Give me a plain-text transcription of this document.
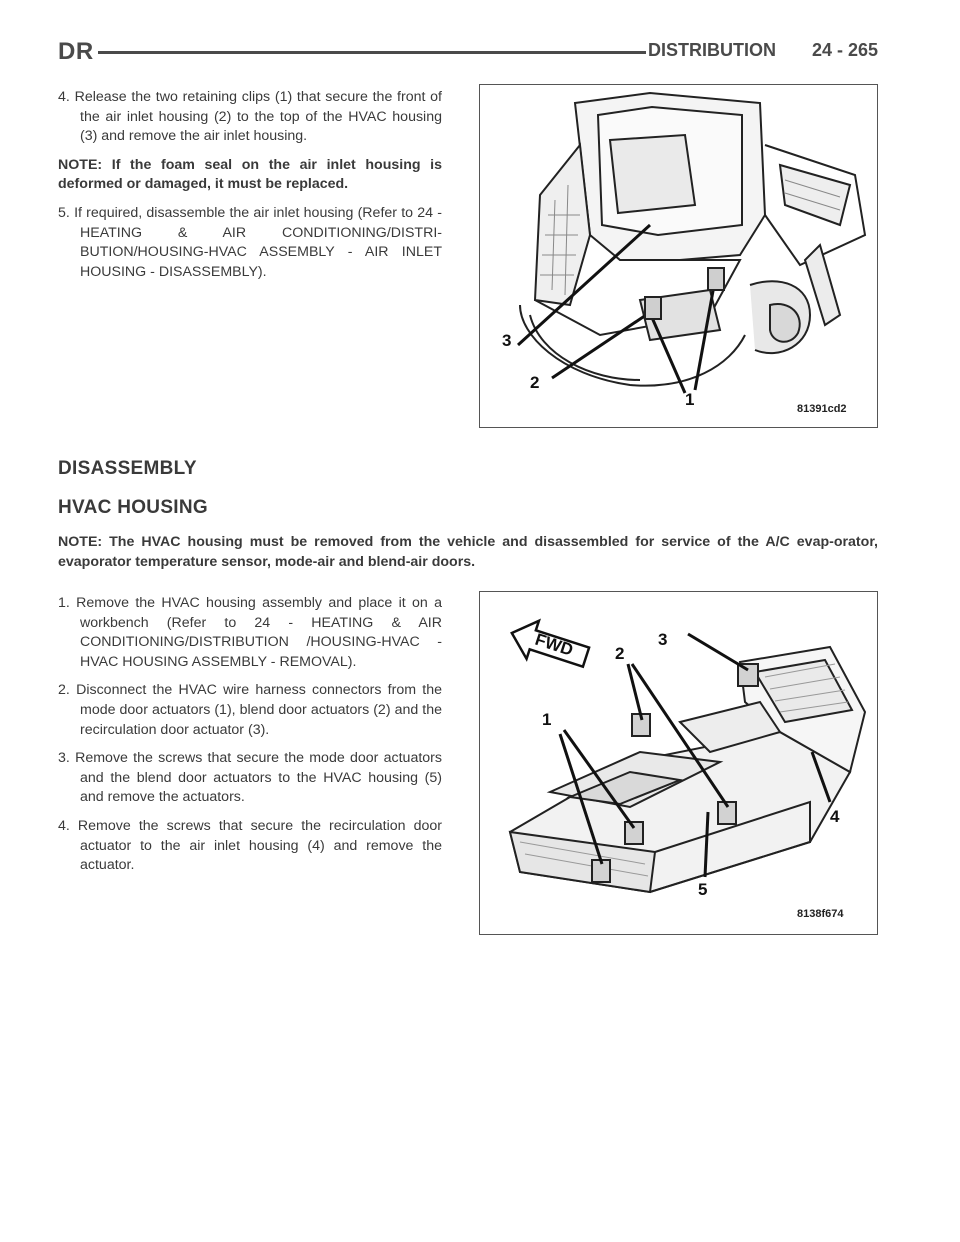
DR	DISTRIBUTION 24 - 265

4. Release the two retaining clips (1) that secure the front of the air inlet housing (2) to the top of the HVAC housing (3) and remove the air inlet housing.

NOTE: If the foam seal on the air inlet housing is deformed or damaged, it must be replaced.

5. If required, disassemble the air inlet housing (Refer to 24 - HEATING & AIR CONDITIONING/DISTRI-BUTION/HOUSING-HVAC ASSEMBLY - AIR INLET HOUSING - DISASSEMBLY).

3
2
1	81391cd2
DISASSEMBLY
HVAC HOUSING
NOTE: The HVAC housing must be removed from the vehicle and disassembled for service of the A/C evap-orator, evaporator temperature sensor, mode-air and blend-air doors.

1. Remove the HVAC housing assembly and place it on a workbench (Refer to 24 - HEATING & AIR CONDITIONING/DISTRIBUTION /HOUSING-HVAC - HVAC HOUSING ASSEMBLY - REMOVAL).

2. Disconnect the HVAC wire harness connectors from the mode door actuators (1), blend door actuators (2) and the recirculation door actuator (3).

3. Remove the screws that secure the mode door actuators and the blend door actuators to the HVAC housing (5) and remove the actuators.

4. Remove the screws that secure the recirculation door actuator to the air inlet housing (4) and remove the actuator.

FWD	3
2
1
4
5
8138f674
